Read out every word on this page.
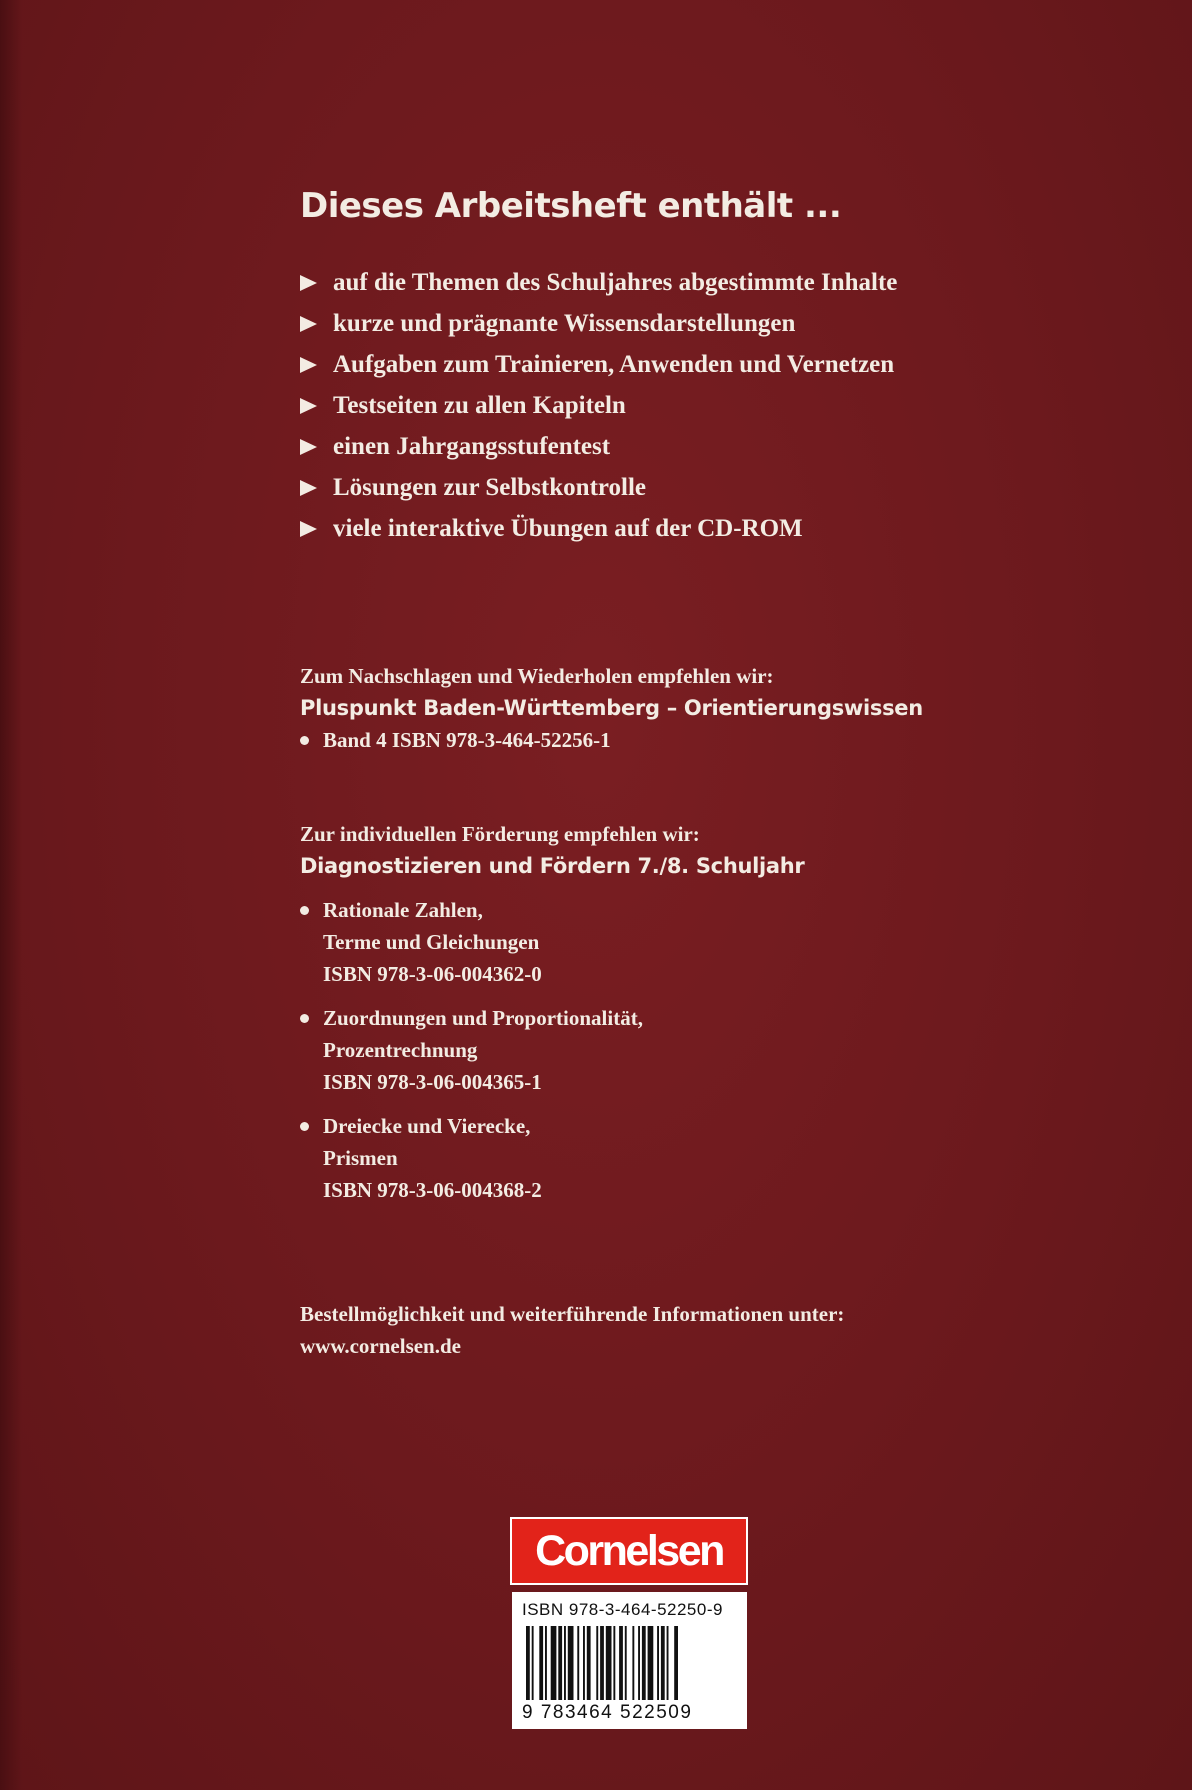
Dieses Arbeitsheft enthält ...
auf die Themen des Schuljahres abgestimmte Inhalte
kurze und prägnante Wissensdarstellungen
Aufgaben zum Trainieren, Anwenden und Vernetzen
Testseiten zu allen Kapiteln
einen Jahrgangsstufentest
Lösungen zur Selbstkontrolle
viele interaktive Übungen auf der CD-ROM
Zum Nachschlagen und Wiederholen empfehlen wir:
Pluspunkt Baden-Württemberg – Orientierungswissen
Band 4 ISBN 978-3-464-52256-1
Zur individuellen Förderung empfehlen wir:
Diagnostizieren und Fördern 7./8. Schuljahr
Rationale Zahlen,
Terme und Gleichungen
ISBN 978-3-06-004362-0
Zuordnungen und Proportionalität,
Prozentrechnung
ISBN 978-3-06-004365-1
Dreiecke und Vierecke,
Prismen
ISBN 978-3-06-004368-2
Bestellmöglichkeit und weiterführende Informationen unter:
www.cornelsen.de
Cornelsen
ISBN 978-3-464-52250-9
9 783464 522509
